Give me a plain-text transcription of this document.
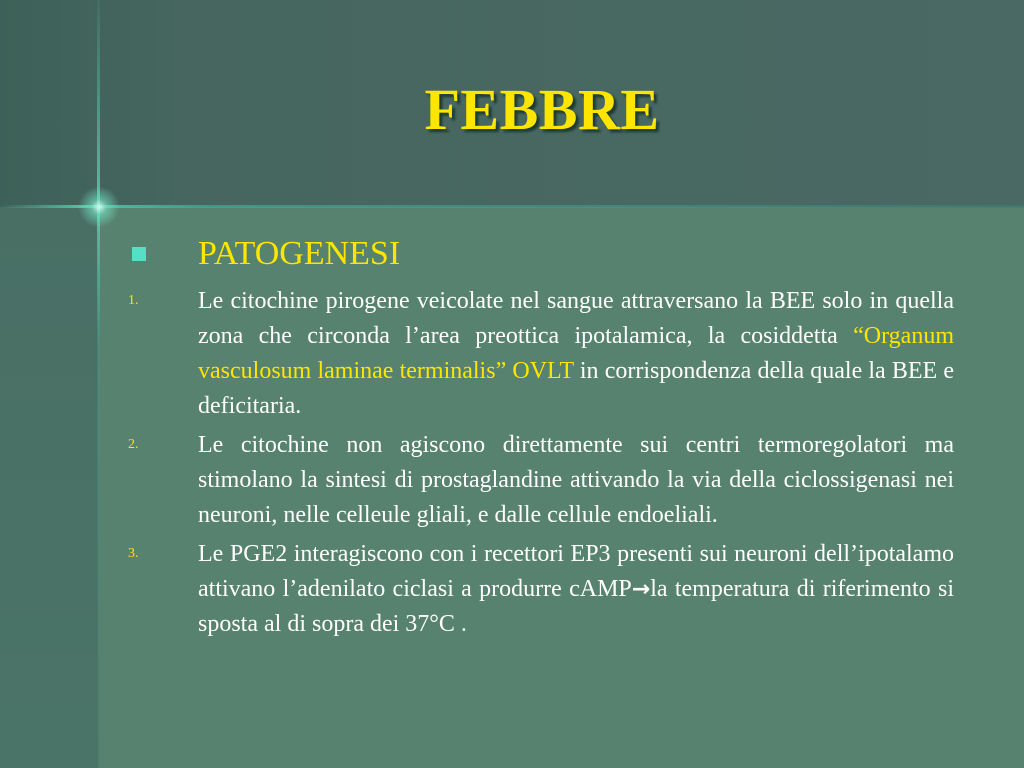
FEBBRE
PATOGENESI
1.	Le citochine pirogene veicolate nel sangue attraversano la BEE solo in quella zona che circonda l’area preottica ipotalamica, la cosiddetta “Organum vasculosum laminae terminalis” OVLT in corrispondenza della quale la BEE e deficitaria.
2.	Le citochine non agiscono direttamente sui centri termoregolatori ma stimolano la sintesi di prostaglandine attivando la via della ciclossigenasi nei neuroni, nelle celleule gliali, e dalle cellule endoeliali.
3.	Le PGE2 interagiscono con i recettori EP3 presenti sui neuroni dell’ipotalamo attivano l’adenilato ciclasi a produrre cAMP→la temperatura di riferimento si sposta al di sopra dei 37°C .
